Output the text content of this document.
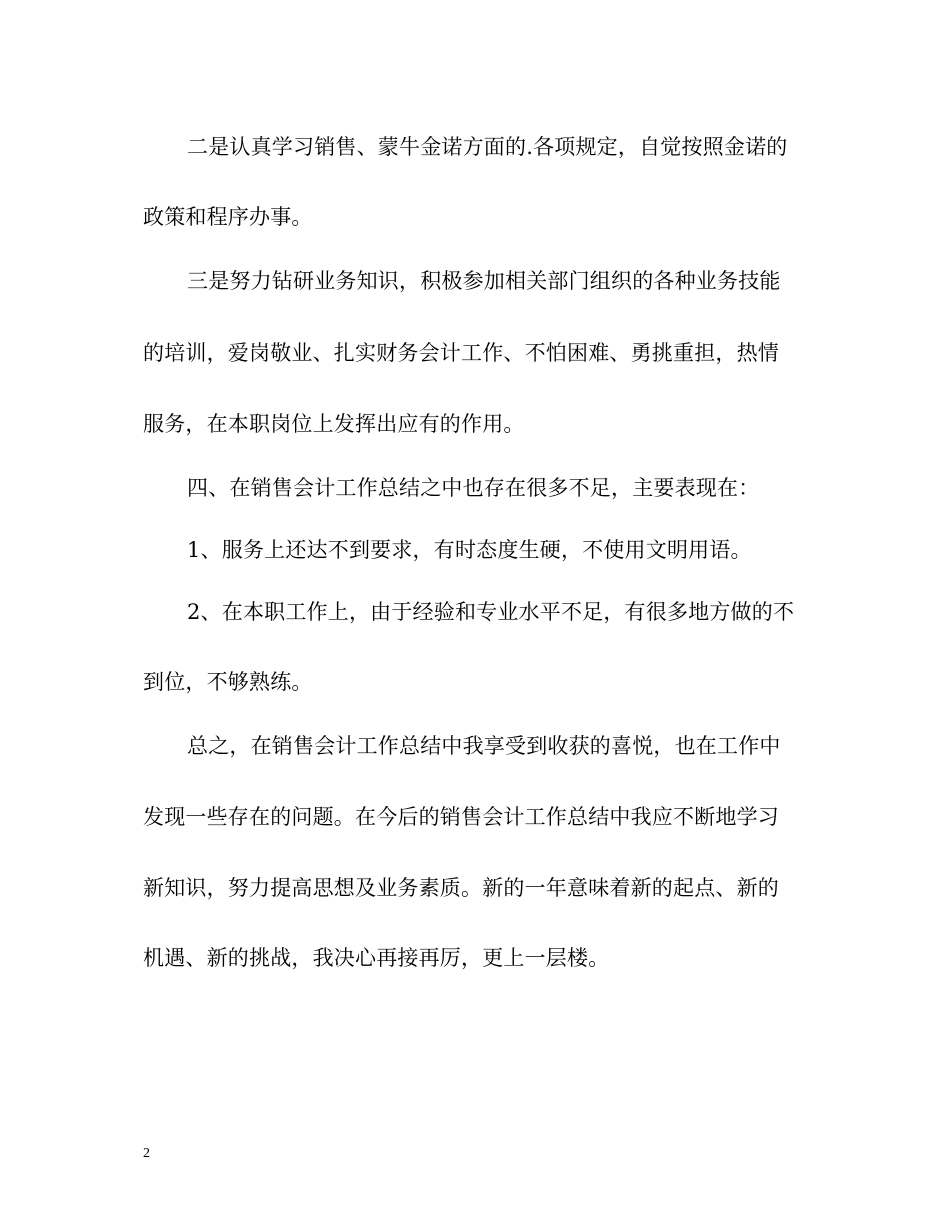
二是认真学习销售、蒙牛金诺方面的.各项规定，自觉按照金诺的
政策和程序办事。
三是努力钻研业务知识，积极参加相关部门组织的各种业务技能
的培训，爱岗敬业、扎实财务会计工作、不怕困难、勇挑重担，热情
服务，在本职岗位上发挥出应有的作用。
四、在销售会计工作总结之中也存在很多不足，主要表现在：
1、服务上还达不到要求，有时态度生硬，不使用文明用语。
2、在本职工作上，由于经验和专业水平不足，有很多地方做的不
到位，不够熟练。
总之，在销售会计工作总结中我享受到收获的喜悦，也在工作中
发现一些存在的问题。在今后的销售会计工作总结中我应不断地学习
新知识，努力提高思想及业务素质。新的一年意味着新的起点、新的
机遇、新的挑战，我决心再接再厉，更上一层楼。
2
